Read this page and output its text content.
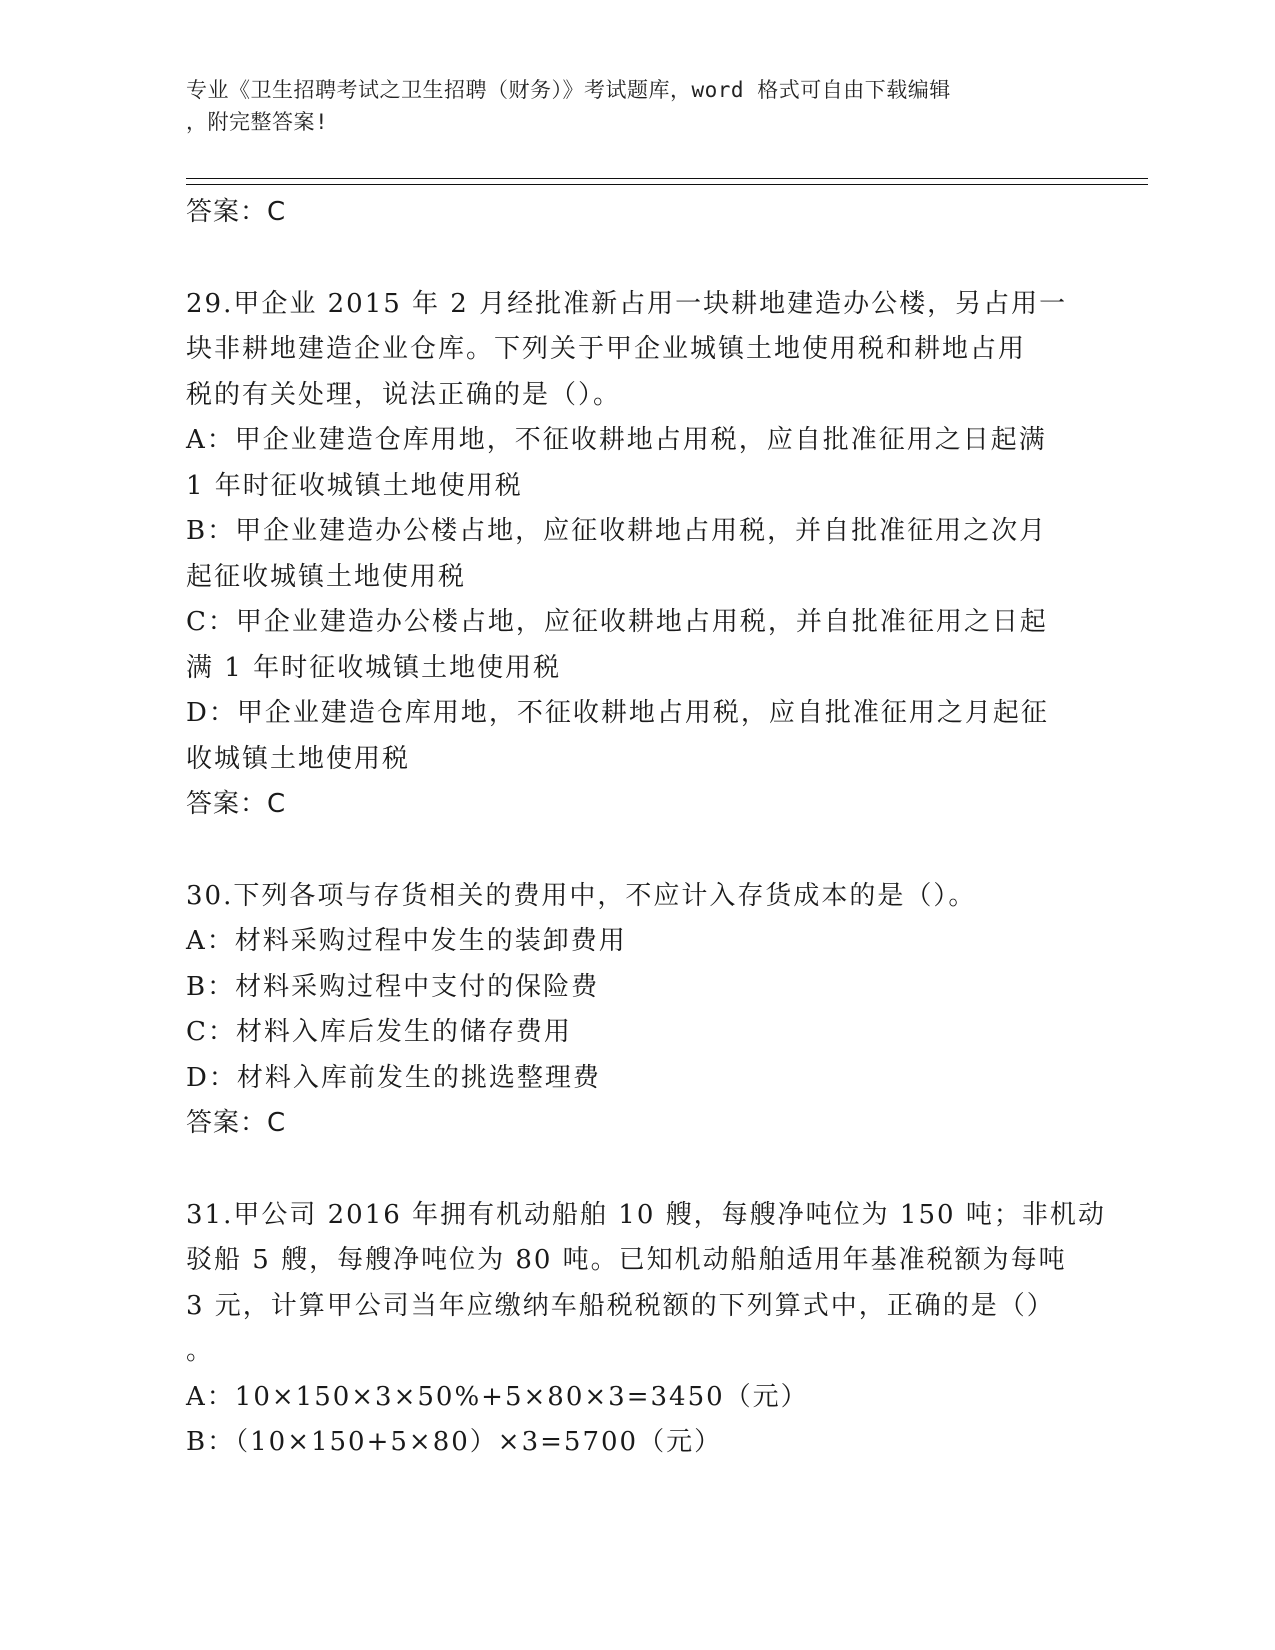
专业《卫生招聘考试之卫生招聘（财务）》考试题库，word 格式可自由下载编辑
，附完整答案!
答案：C
29.甲企业 2015 年 2 月经批准新占用一块耕地建造办公楼，另占用一
块非耕地建造企业仓库。下列关于甲企业城镇土地使用税和耕地占用
税的有关处理，说法正确的是（）。
A：甲企业建造仓库用地，不征收耕地占用税，应自批准征用之日起满
1 年时征收城镇土地使用税
B：甲企业建造办公楼占地，应征收耕地占用税，并自批准征用之次月
起征收城镇土地使用税
C：甲企业建造办公楼占地，应征收耕地占用税，并自批准征用之日起
满 1 年时征收城镇土地使用税
D：甲企业建造仓库用地，不征收耕地占用税，应自批准征用之月起征
收城镇土地使用税
答案：C
30.下列各项与存货相关的费用中，不应计入存货成本的是（）。
A：材料采购过程中发生的装卸费用
B：材料采购过程中支付的保险费
C：材料入库后发生的储存费用
D：材料入库前发生的挑选整理费
答案：C
31.甲公司 2016 年拥有机动船舶 10 艘，每艘净吨位为 150 吨；非机动
驳船 5 艘，每艘净吨位为 80 吨。已知机动船舶适用年基准税额为每吨
3 元，计算甲公司当年应缴纳车船税税额的下列算式中，正确的是（）
。
A：10×150×3×50%+5×80×3=3450（元）
B：（10×150+5×80）×3=5700（元）
